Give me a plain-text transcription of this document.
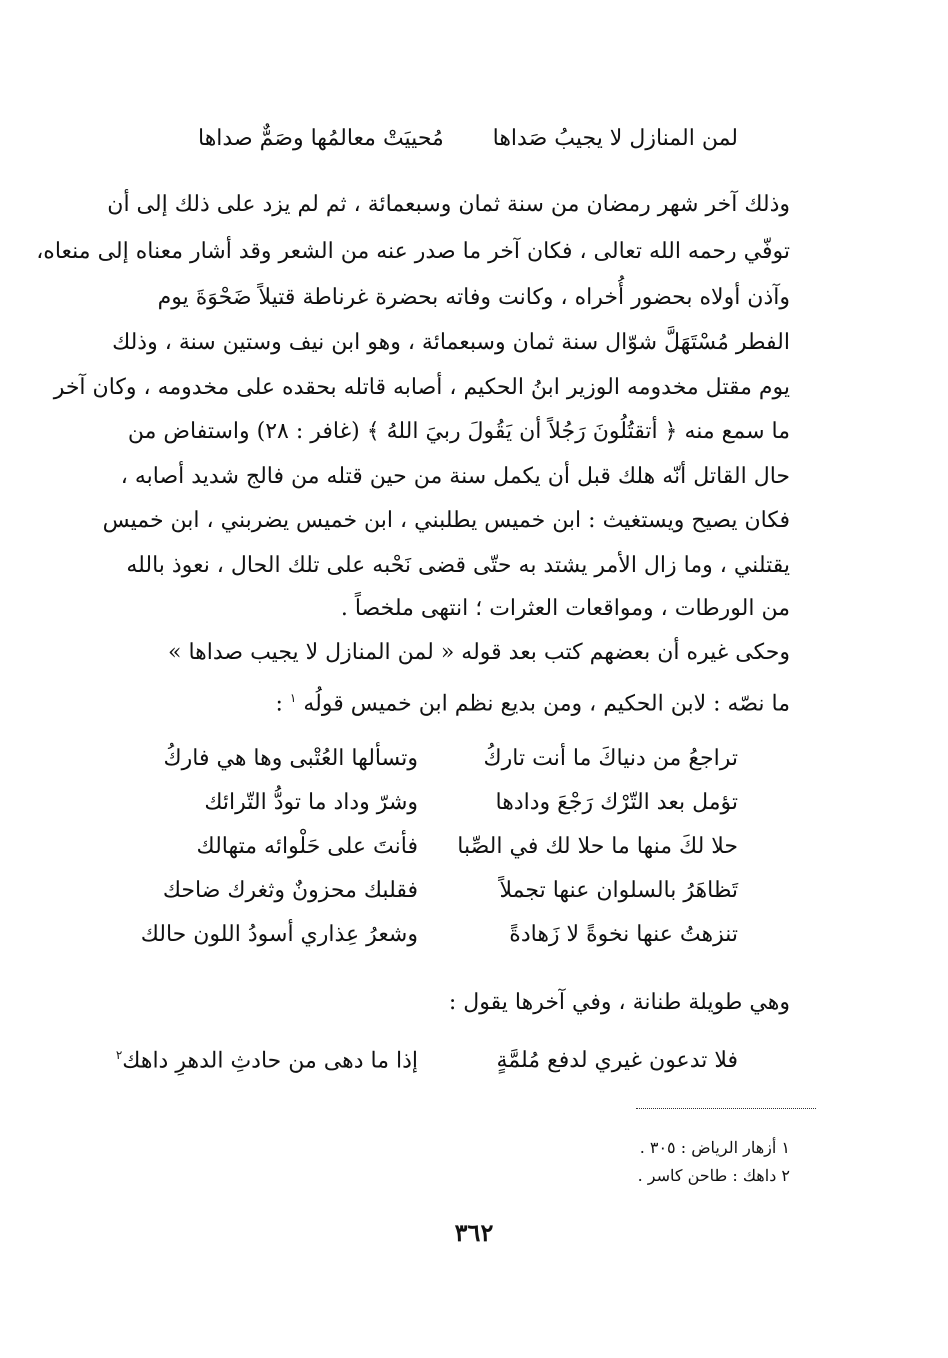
لمن المنازل لا يجيبُ صَداها
مُحييَتْ معالمُها وصَمٌّ صداها
وذلك آخر شهر رمضان من سنة ثمان وسبعمائة ، ثم لم يزد على ذلك إلى أن
توفّي رحمه الله تعالى ، فكان آخر ما صدر عنه من الشعر وقد أشار معناه إلى منعاه،
وآذن أولاه بحضور أُخراه ، وكانت وفاته بحضرة غرناطة قتيلاً ضَحْوَةَ يوم
الفطر مُسْتَهَلَّ شوّال سنة ثمان وسبعمائة ، وهو ابن نيف وستين سنة ، وذلك
يوم مقتل مخدومه الوزير ابنُ الحكيم ، أصابه قاتله بحقده على مخدومه ، وكان آخر
ما سمع منه ﴿ أتقتُلُونَ رَجُلاً أن يَقُولَ ربيَ اللهُ ﴾ (غافر : ٢٨) واستفاض من
حال القاتل أنّه هلك قبل أن يكمل سنة من حين قتله من فالج شديد أصابه ،
فكان يصيح ويستغيث : ابن خميس يطلبني ، ابن خميس يضربني ، ابن خميس
يقتلني ، وما زال الأمر يشتد به حتّى قضى نَحْبه على تلك الحال ، نعوذ بالله
من الورطات ، ومواقعات العثرات ؛ انتهى ملخصاً .
وحكى غيره أن بعضهم كتب بعد قوله « لمن المنازل لا يجيب صداها »
ما نصّه : لابن الحكيم ، ومن بديع نظم ابن خميس قولُه $^١$ :
تراجعُ من دنياكَ ما أنت تاركُ
وتسألها العُتْبى وها هي فاركُ
تؤمل بعد التّرْك رَجْعَ ودادها
وشرّ وداد ما تودُّ التّرائك
حلا لكَ منها ما حلا لك في الصِّبا
فأنتَ على حَلْوائه متهالك
تَظاهَرُ بالسلوان عنها تجملاً
فقلبك محزونٌ وثغرك ضاحك
تنزهتُ عنها نخوةً لا زَهادةً
وشعرُ عِذاري أسودُ اللون حالك
وهي طويلة طنانة ، وفي آخرها يقول :
فلا تدعون غيري لدفع مُلمَّةٍ
إذا ما دهى من حادثِ الدهرِ داهك$^٢$
١ أزهار الرياض : ٣٠٥ .
٢ داهك : طاحن كاسر .
٣٦٢
